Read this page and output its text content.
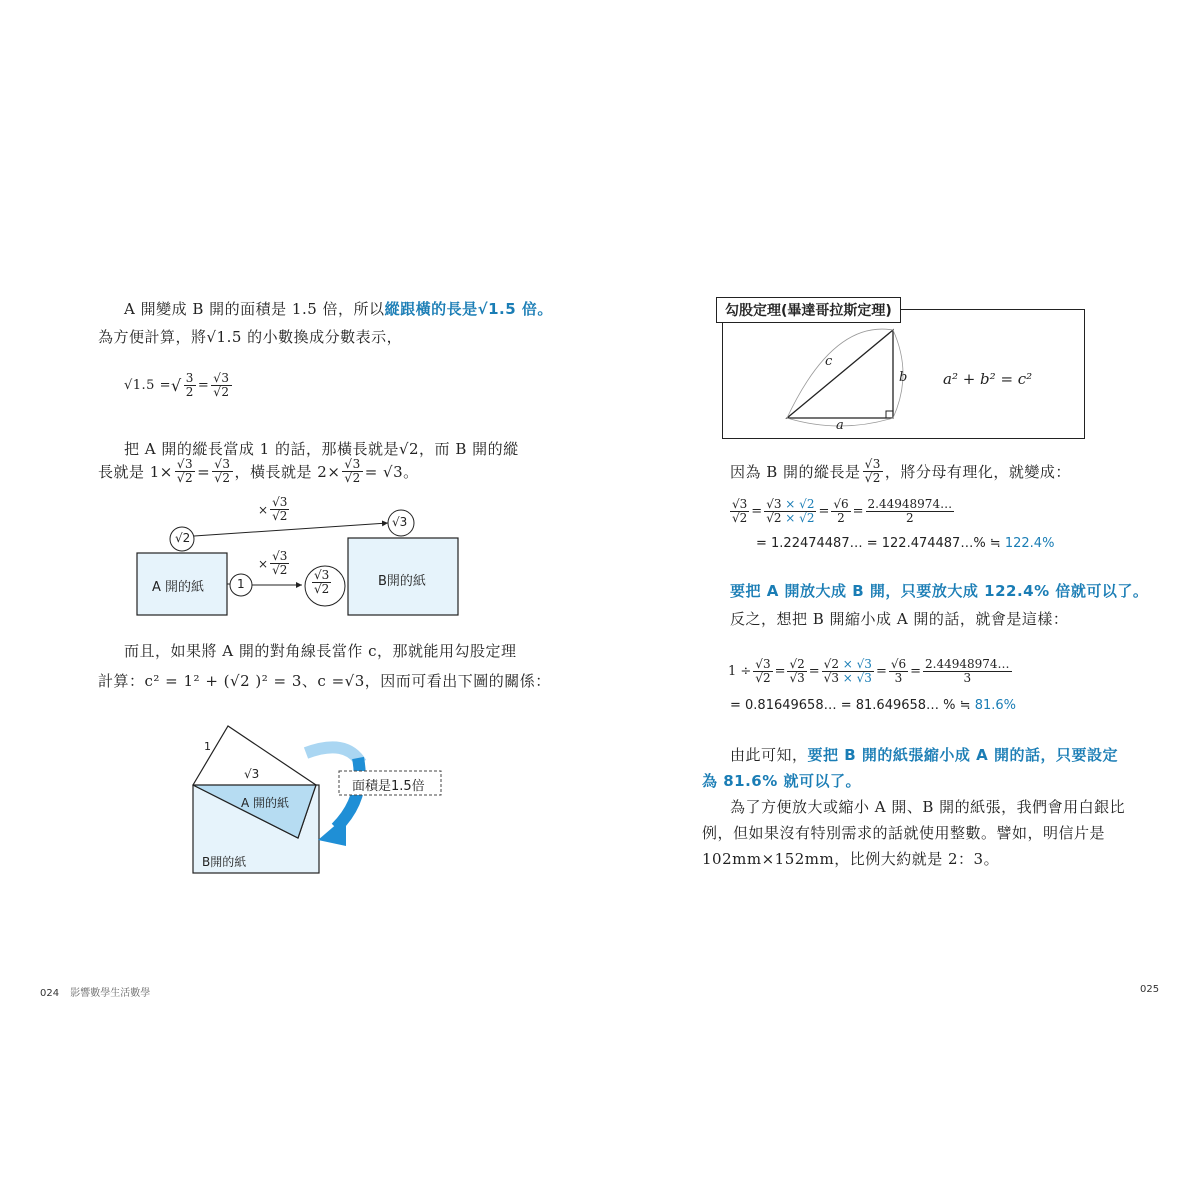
A 開變成 B 開的面積是 1.5 倍，所以縱跟橫的長是√1.5 倍。
為方便計算，將√1.5 的小數換成分數表示，
√1.5 = √ $\frac{3}{2} = \frac{√3}{√2}$
把 A 開的縱長當成 1 的話，那橫長就是√2，而 B 開的縱
長就是 $1\times \frac{√3}{√2} = \frac{√3}{√2}$ ，橫長就是 $2\times \frac{√3}{√2} = √3$。
A 開的紙	B開的紙
√2
√3
1
× $\frac{√3}{√2}$
× $\frac{√3}{√2}$
$\frac{√3}{√2}$
而且，如果將 A 開的對角線長當作 c，那就能用勾股定理
計算：c² = 1² + (√2 )² = 3、c =√3，因而可看出下圖的關係：
1
√3
A 開的紙
B開的紙
面積是1.5倍
024 影響數學生活數學
c
b
a
a² + b² = c²
勾股定理(畢達哥拉斯定理)
因為 B 開的縱長是 $\frac{√3}{√2}$ ，將分母有理化，就變成：
$\frac{√3}{√2} = \frac{√3 \times √2}{√2 \times √2} = \frac{√6}{2} = \frac{2.44948974\dots}{2}$
= 1.22474487… = 122.474487…% ≒ 122.4%
要把 A 開放大成 B 開，只要放大成 122.4% 倍就可以了。
反之，想把 B 開縮小成 A 開的話，就會是這樣：
$1 \div \frac{√3}{√2} = \frac{√2}{√3} = \frac{√2 \times √3}{√3 \times √3} = \frac{√6}{3} = \frac{2.44948974\dots}{3}$
= 0.81649658… = 81.649658… % ≒ 81.6%
由此可知，要把 B 開的紙張縮小成 A 開的話，只要設定
為 81.6% 就可以了。
為了方便放大或縮小 A 開、B 開的紙張，我們會用白銀比
例，但如果沒有特別需求的話就使用整數。譬如，明信片是
102mm×152mm，比例大約就是 2：3。
025
